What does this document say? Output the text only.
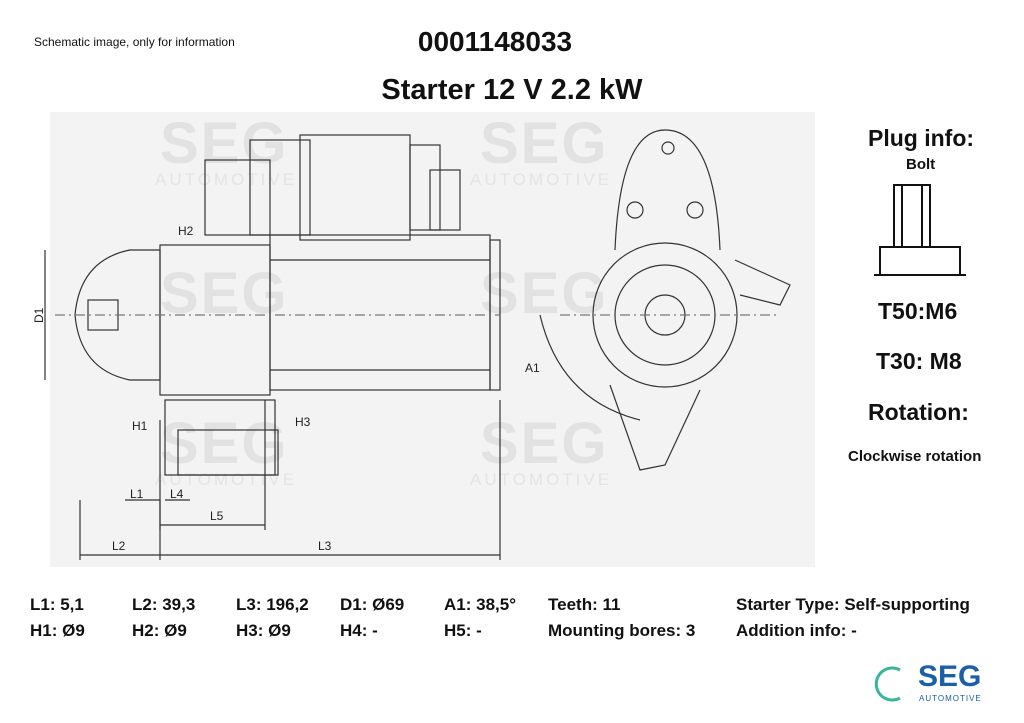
Schematic image, only for information	0001148033
Starter 12 V 2.2 kW
SEG
AUTOMOTIVE
SEG
AUTOMOTIVE
SEG	SEG
SEG
AUTOMOTIVE
SEG
AUTOMOTIVE
D1
H2
H1	H3
L1 L4
L5
L2	L3
A1
Plug info:
Bolt
T50:M6
T30: M8
Rotation:
Clockwise rotation
L1: 5,1	L2: 39,3 L3: 196,2 D1: Ø69 A1: 38,5° Teeth: 11	Starter Type: Self-supporting
H1: Ø9	H2: Ø9	H3: Ø9	H4: -	H5: -	Mounting bores: 3 Addition info: -
SEG
AUTOMOTIVE
